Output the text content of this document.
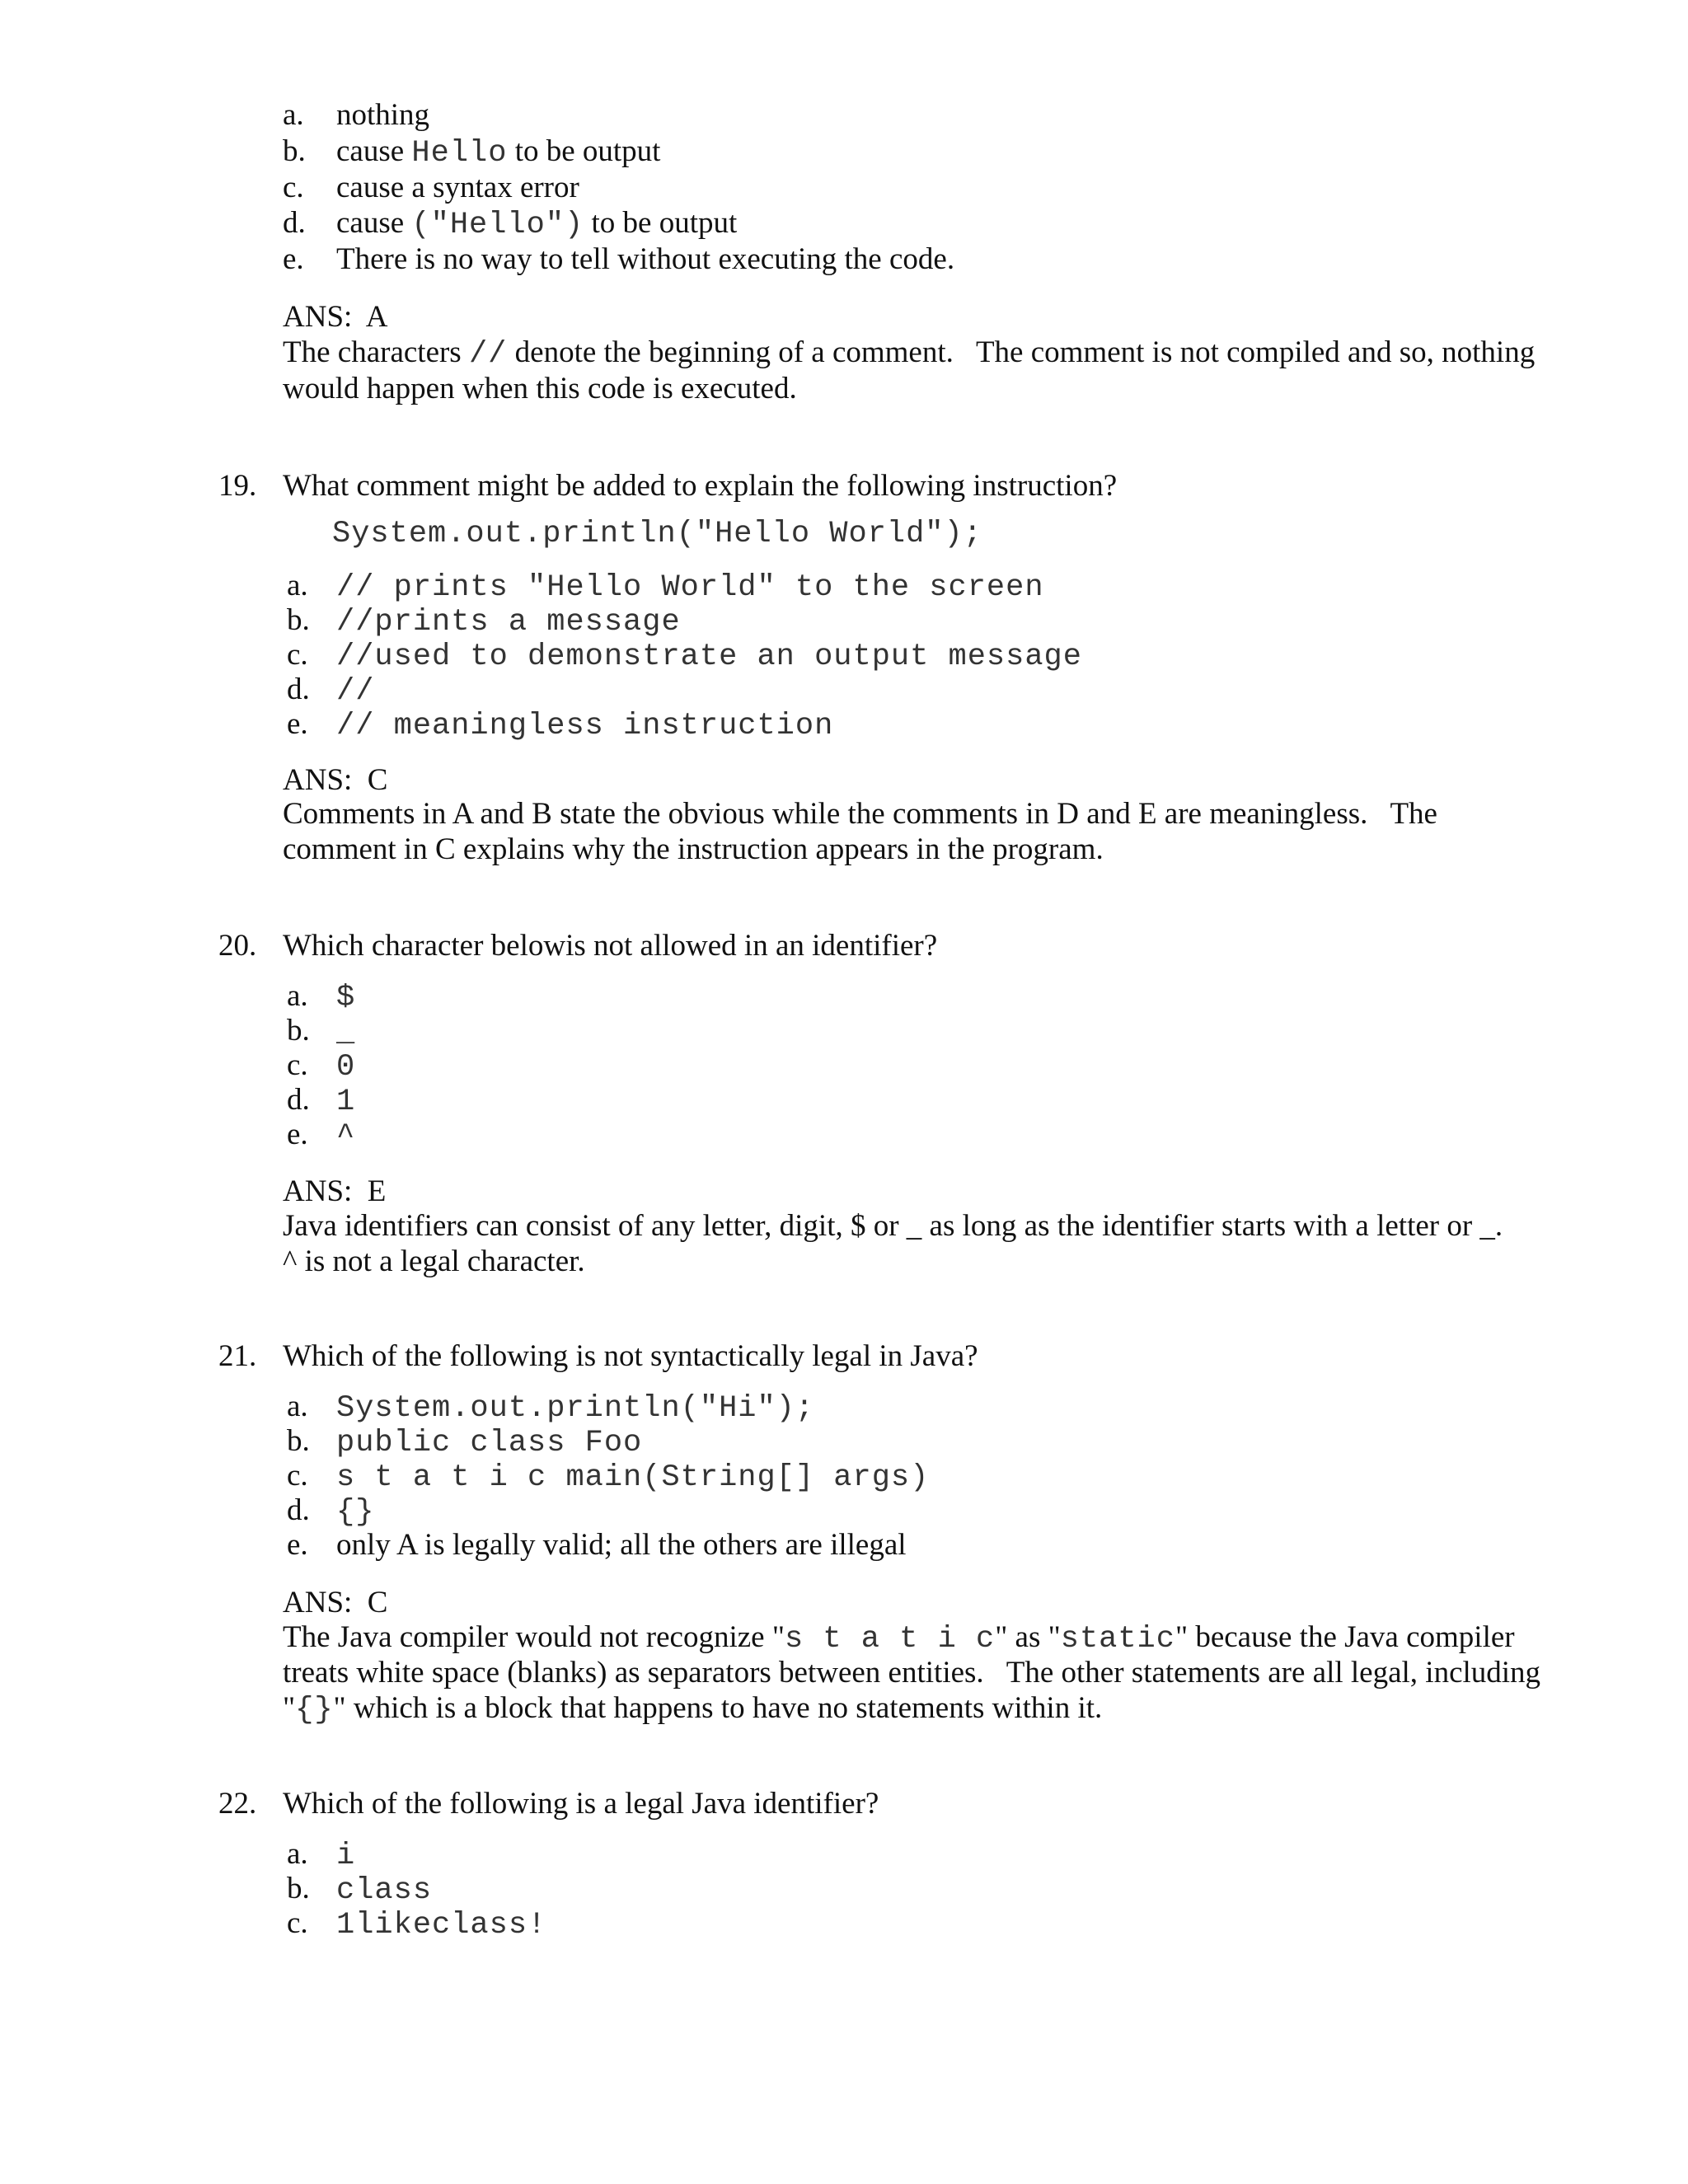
ANS:  A
19. What comment might be added to explain the following instruction?
System.out.println("Hello World");
ANS:  C
20. Which character belowis not allowed in an identifier?
ANS:  E
21. Which of the following is not syntactically legal in Java?
ANS:  C
22. Which of the following is a legal Java identifier?
a. nothing
b. cause Hello to be output
c. cause a syntax error
d. cause ("Hello") to be output
e. There is no way to tell without executing the code.
a. // prints "Hello World" to the screen
b. //prints a message
c. //used to demonstrate an output message
d. //
e. // meaningless instruction
a. $
b. _
c. 0
d. 1
e. ^
a. System.out.println("Hi");
b. public class Foo
c. s t a t i c main(String[] args)
d. {}
e. only A is legally valid; all the others are illegal
a. i
b. class
c. 1likeclass!
The characters // denote the beginning of a comment.   The comment is not compiled and so, nothing
would happen when this code is executed.
Comments in A and B state the obvious while the comments in D and E are meaningless.   The
comment in C explains why the instruction appears in the program.
Java identifiers can consist of any letter, digit, $ or _ as long as the identifier starts with a letter or _.
^ is not a legal character.
The Java compiler would not recognize "s t a t i c" as "static" because the Java compiler
treats white space (blanks) as separators between entities.   The other statements are all legal, including
"{}" which is a block that happens to have no statements within it.
